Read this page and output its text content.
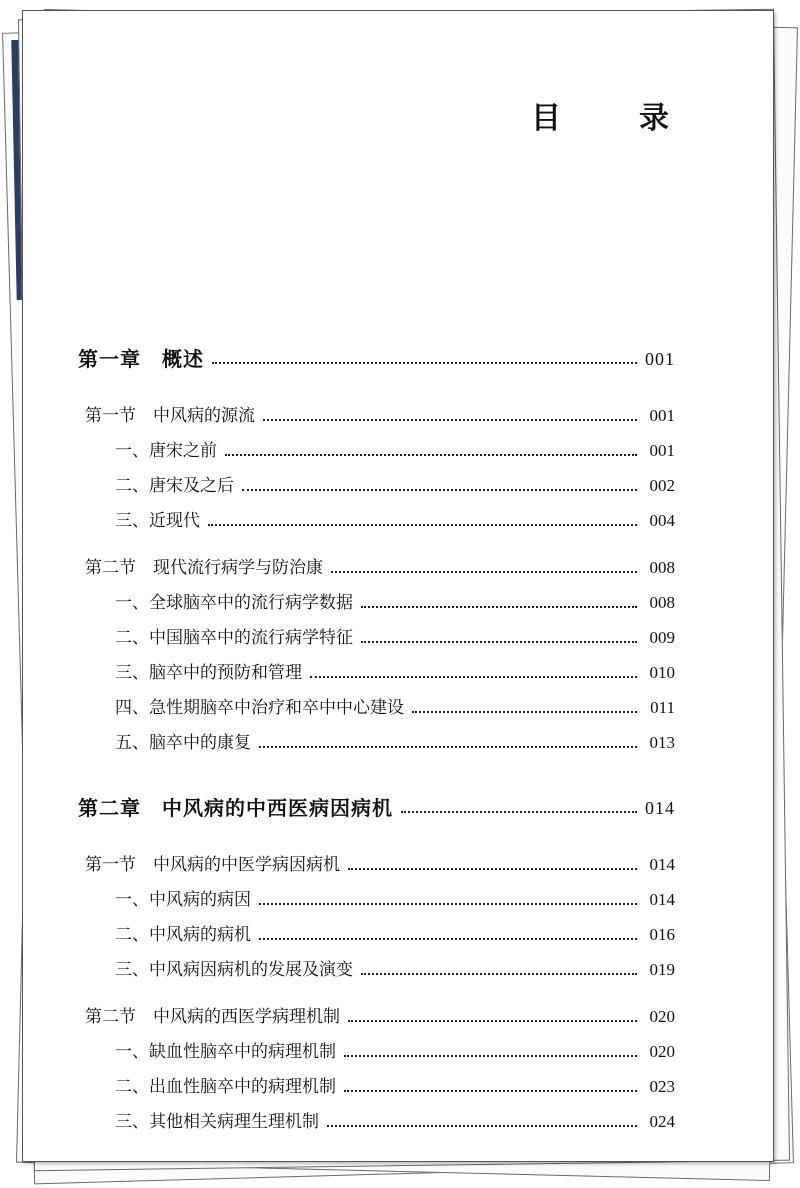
目　录
第一章　概述	001
第一节　中风病的源流	001
一、唐宋之前	001
二、唐宋及之后	002
三、近现代	004
第二节　现代流行病学与防治康	008
一、全球脑卒中的流行病学数据	008
二、中国脑卒中的流行病学特征	009
三、脑卒中的预防和管理	010
四、急性期脑卒中治疗和卒中中心建设	011
五、脑卒中的康复	013
第二章　中风病的中西医病因病机	014
第一节　中风病的中医学病因病机	014
一、中风病的病因	014
二、中风病的病机	016
三、中风病因病机的发展及演变	019
第二节　中风病的西医学病理机制	020
一、缺血性脑卒中的病理机制	020
二、出血性脑卒中的病理机制	023
三、其他相关病理生理机制	024
